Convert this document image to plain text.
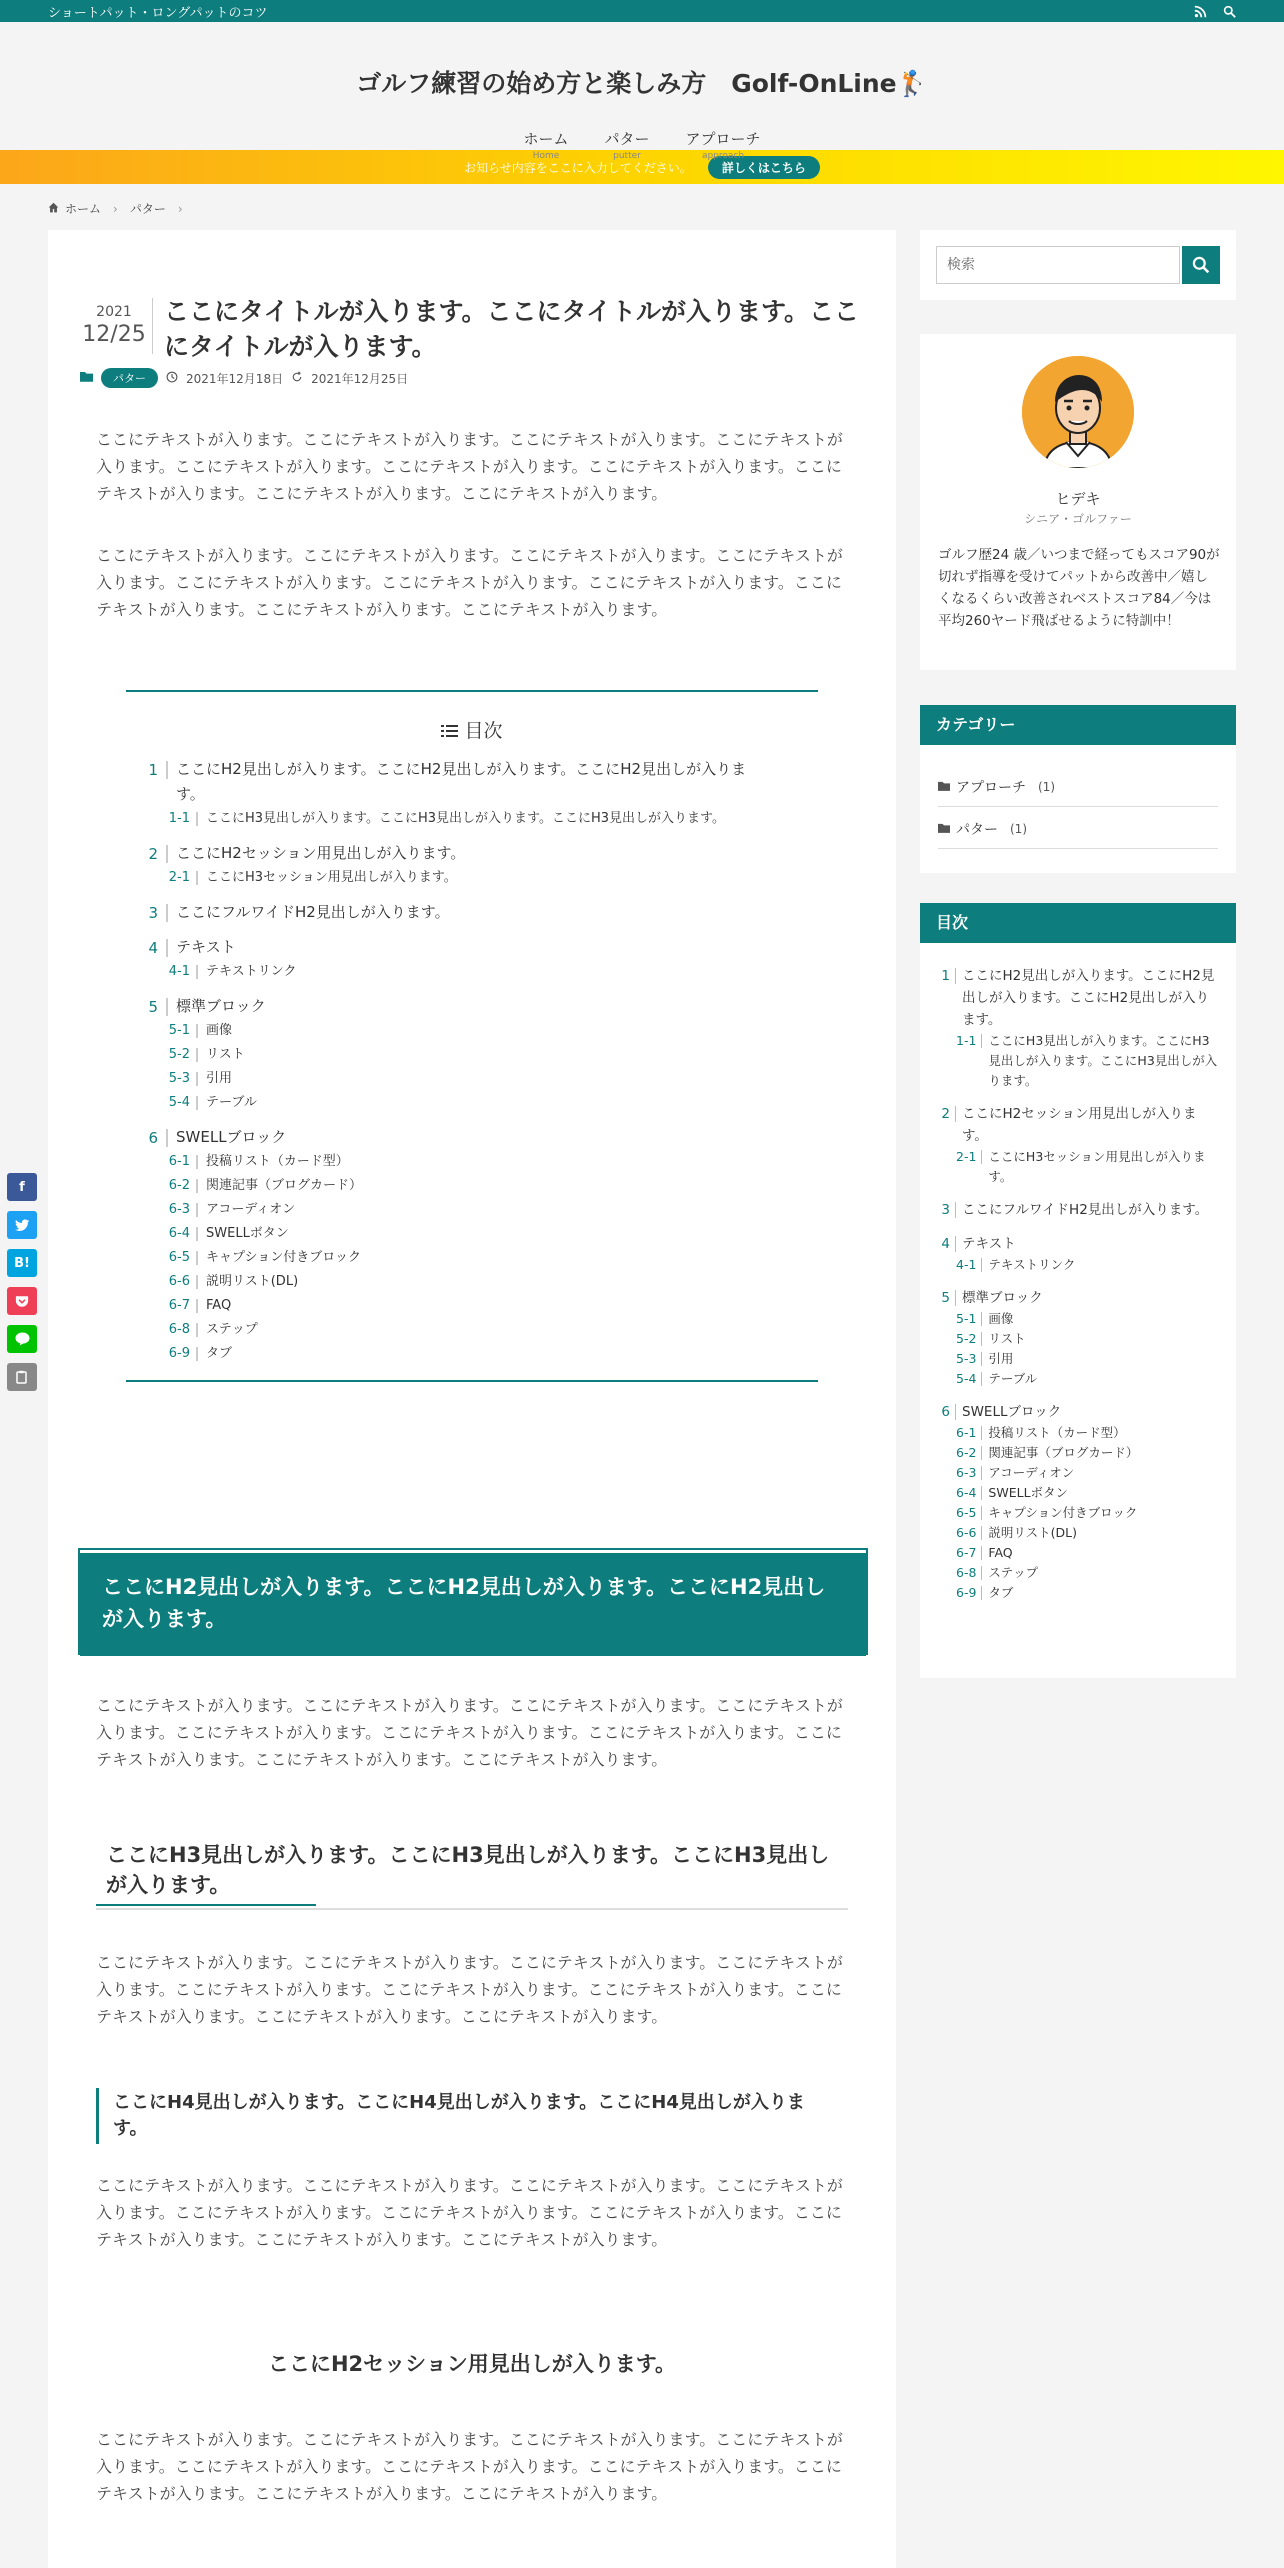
ショートパット・ロングパットのコツ
ゴルフ練習の始め方と楽しみ方　Golf-OnLine🏌
ホーム
Home
パター
putter
アプローチ
approach
お知らせ内容をここに入力してください。	詳しくはこちら
ホーム › パター ›
f
B!
2021
12/25
ここにタイトルが入ります。ここにタイトルが入ります。ここにタイトルが入ります。
パター	2021年12月18日 2021年12月25日

ここにテキストが入ります。ここにテキストが入ります。ここにテキストが入ります。ここにテキストが入ります。ここにテキストが入ります。ここにテキストが入ります。ここにテキストが入ります。ここにテキストが入ります。ここにテキストが入ります。ここにテキストが入ります。

ここにテキストが入ります。ここにテキストが入ります。ここにテキストが入ります。ここにテキストが入ります。ここにテキストが入ります。ここにテキストが入ります。ここにテキストが入ります。ここにテキストが入ります。ここにテキストが入ります。ここにテキストが入ります。

目次
1	ここにH2見出しが入ります。ここにH2見出しが入ります。ここにH2見出しが入ります。
1-1	ここにH3見出しが入ります。ここにH3見出しが入ります。ここにH3見出しが入ります。
2	ここにH2セッション用見出しが入ります。
2-1	ここにH3セッション用見出しが入ります。
3	ここにフルワイドH2見出しが入ります。
4	テキスト
4-1	テキストリンク
5	標準ブロック
5-1	画像
5-2	リスト
5-3	引用
5-4	テーブル
6	SWELLブロック
6-1	投稿リスト（カード型）
6-2	関連記事（ブログカード）
6-3	アコーディオン
6-4	SWELLボタン
6-5	キャプション付きブロック
6-6	説明リスト(DL)
6-7	FAQ
6-8	ステップ
6-9	タブ
ここにH2見出しが入ります。ここにH2見出しが入ります。ここにH2見出しが入ります。

ここにテキストが入ります。ここにテキストが入ります。ここにテキストが入ります。ここにテキストが入ります。ここにテキストが入ります。ここにテキストが入ります。ここにテキストが入ります。ここにテキストが入ります。ここにテキストが入ります。ここにテキストが入ります。

ここにH3見出しが入ります。ここにH3見出しが入ります。ここにH3見出しが入ります。

ここにテキストが入ります。ここにテキストが入ります。ここにテキストが入ります。ここにテキストが入ります。ここにテキストが入ります。ここにテキストが入ります。ここにテキストが入ります。ここにテキストが入ります。ここにテキストが入ります。ここにテキストが入ります。

ここにH4見出しが入ります。ここにH4見出しが入ります。ここにH4見出しが入ります。

ここにテキストが入ります。ここにテキストが入ります。ここにテキストが入ります。ここにテキストが入ります。ここにテキストが入ります。ここにテキストが入ります。ここにテキストが入ります。ここにテキストが入ります。ここにテキストが入ります。ここにテキストが入ります。

ここにH2セッション用見出しが入ります。

ここにテキストが入ります。ここにテキストが入ります。ここにテキストが入ります。ここにテキストが入ります。ここにテキストが入ります。ここにテキストが入ります。ここにテキストが入ります。ここにテキストが入ります。ここにテキストが入ります。ここにテキストが入ります。

検索
ヒデキ
シニア・ゴルファー
ゴルフ歴24 歳／いつまで経ってもスコア90が切れず指導を受けてパットから改善中／嬉しくなるくらい改善されベストスコア84／今は平均260ヤード飛ばせるように特訓中！
カテゴリー
アプローチ (1)
パター (1)
目次
1 ここにH2見出しが入ります。ここにH2見出しが入ります。ここにH2見出しが入ります。
1-1 ここにH3見出しが入ります。ここにH3見出しが入ります。ここにH3見出しが入ります。
2 ここにH2セッション用見出しが入ります。
2-1 ここにH3セッション用見出しが入ります。
3 ここにフルワイドH2見出しが入ります。
4 テキスト
4-1 テキストリンク
5 標準ブロック
5-1 画像
5-2 リスト
5-3 引用
5-4 テーブル
6 SWELLブロック
6-1 投稿リスト（カード型）
6-2 関連記事（ブログカード）
6-3 アコーディオン
6-4 SWELLボタン
6-5 キャプション付きブロック
6-6 説明リスト(DL)
6-7 FAQ
6-8 ステップ
6-9 タブ
